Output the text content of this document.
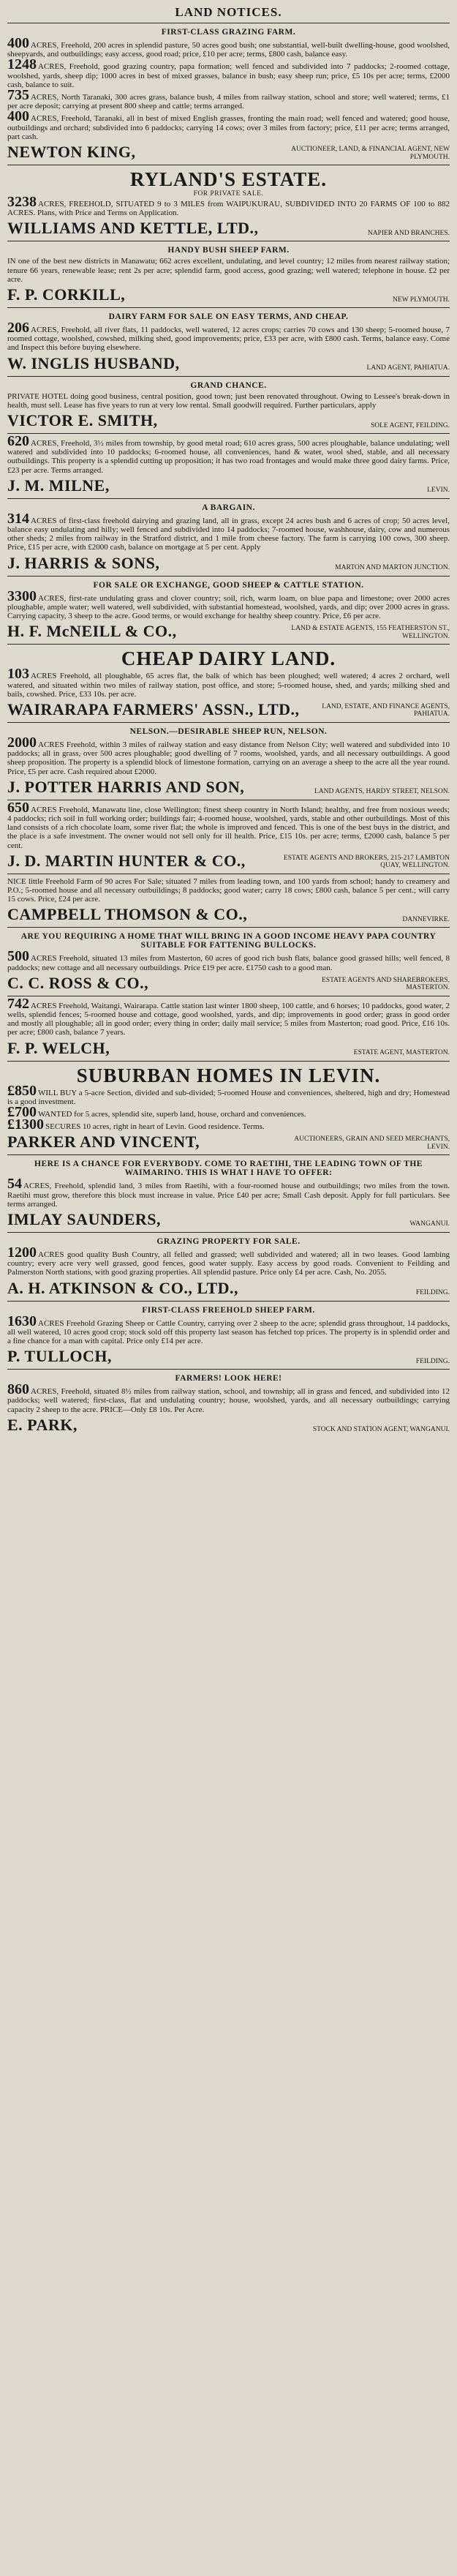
LAND NOTICES.
FIRST-CLASS GRAZING FARM.
400 ACRES, Freehold, 200 acres in splendid pasture, 50 acres good bush; one substantial, well-built dwelling-house, good woolshed, sheepyards, and outbuildings; easy access, good road; price, £10 per acre; terms, £800 cash, balance easy.
1248 ACRES, Freehold, good grazing country, papa formation; well fenced and subdivided into 7 paddocks; 2-roomed cottage, woolshed, yards, sheep dip; 1000 acres in best of mixed grasses, balance in bush; easy sheep run; price, £5 10s per acre; terms, £2000 cash, balance to suit.
735 ACRES, North Taranaki, 300 acres grass, balance bush, 4 miles from railway station, school and store; well watered; terms, £1 per acre deposit; carrying at present 800 sheep and cattle; terms arranged.
400 ACRES, Freehold, Taranaki, all in best of mixed English grasses, fronting the main road; well fenced and watered; good house, outbuildings and orchard; subdivided into 6 paddocks; carrying 14 cows; over 3 miles from factory; price, £11 per acre; terms arranged, part cash.
NEWTON KING,	AUCTIONEER, LAND, & FINANCIAL AGENT, NEW PLYMOUTH.
RYLAND'S ESTATE.
FOR PRIVATE SALE.
3238 ACRES, FREEHOLD, SITUATED 9 to 3 MILES from WAIPUKURAU, SUBDIVIDED INTO 20 FARMS OF 100 to 882 ACRES. Plans, with Price and Terms on Application.
WILLIAMS AND KETTLE, LTD.,	NAPIER AND BRANCHES.
HANDY BUSH SHEEP FARM.
IN one of the best new districts in Manawatu; 662 acres excellent, undulating, and level country; 12 miles from nearest railway station; tenure 66 years, renewable lease; rent 2s per acre; splendid farm, good access, good grazing; well watered; telephone in house. £2 per acre.
F. P. CORKILL,	NEW PLYMOUTH.
DAIRY FARM FOR SALE ON EASY TERMS, AND CHEAP.
206 ACRES, Freehold, all river flats, 11 paddocks, well watered, 12 acres crops; carries 70 cows and 130 sheep; 5-roomed house, 7 roomed cottage, woolshed, cowshed, milking shed, good improvements; price, £33 per acre, with £800 cash. Terms, balance easy. Come and Inspect this before buying elsewhere.
W. INGLIS HUSBAND,	LAND AGENT, PAHIATUA.
GRAND CHANCE.
PRIVATE HOTEL doing good business, central position, good town; just been renovated throughout. Owing to Lessee's break-down in health, must sell. Lease has five years to run at very low rental. Small goodwill required. Further particulars, apply
VICTOR E. SMITH,	SOLE AGENT, FEILDING.
620 ACRES, Freehold, 3½ miles from township, by good metal road; 610 acres grass, 500 acres ploughable, balance undulating; well watered and subdivided into 10 paddocks; 6-roomed house, all conveniences, hand & water, wool shed, stable, and all necessary outbuildings. This property is a splendid cutting up proposition; it has two road frontages and would make three good dairy farms. Price, £23 per acre. Terms arranged.
J. M. MILNE,	LEVIN.
A BARGAIN.
314 ACRES of first-class freehold dairying and grazing land, all in grass, except 24 acres bush and 6 acres of crop; 50 acres level, balance easy undulating and hilly; well fenced and subdivided into 14 paddocks; 7-roomed house, washhouse, dairy, cow and numerous other sheds; 2 miles from railway in the Stratford district, and 1 mile from cheese factory. The farm is carrying 100 cows, 300 sheep. Price, £15 per acre, with £2000 cash, balance on mortgage at 5 per cent. Apply
J. HARRIS & SONS,	MARTON AND MARTON JUNCTION.
FOR SALE OR EXCHANGE, GOOD SHEEP & CATTLE STATION.
3300 ACRES, first-rate undulating grass and clover country; soil, rich, warm loam, on blue papa and limestone; over 2000 acres ploughable, ample water; well watered, well subdivided, with substantial homestead, woolshed, yards, and dip; over 2000 acres in grass. Carrying capacity, 3 sheep to the acre. Good terms, or would exchange for healthy sheep country. Price, £6 per acre.
H. F. McNEILL & CO.,	LAND & ESTATE AGENTS, 155 FEATHERSTON ST., WELLINGTON.
CHEAP DAIRY LAND.
103 ACRES Freehold, all ploughable, 65 acres flat, the balk of which has been ploughed; well watered; 4 acres 2 orchard, well watered, and situated within two miles of railway station, post office, and store; 5-roomed house, shed, and yards; milking shed and bails, cowshed. Price, £33 10s. per acre.
WAIRARAPA FARMERS' ASSN., LTD.,	LAND, ESTATE, AND FINANCE AGENTS, PAHIATUA.
NELSON.—DESIRABLE SHEEP RUN, NELSON.
2000 ACRES Freehold, within 3 miles of railway station and easy distance from Nelson City; well watered and subdivided into 10 paddocks; all in grass, over 500 acres ploughable; good dwelling of 7 rooms, woolshed, yards, and all necessary outbuildings. A good sheep proposition. The property is a splendid block of limestone formation, carrying on an average a sheep to the acre all the year round. Price, £5 per acre. Cash required about £2000.
J. POTTER HARRIS AND SON,	LAND AGENTS, HARDY STREET, NELSON.
650 ACRES Freehold, Manawatu line, close Wellington; finest sheep country in North Island; healthy, and free from noxious weeds; 4 paddocks; rich soil in full working order; buildings fair; 4-roomed house, woolshed, yards, stable and other outbuildings. Most of this land consists of a rich chocolate loam, some river flat; the whole is improved and fenced. This is one of the best buys in the district, and the place is a safe investment. The owner would not sell only for ill health. Price, £15 10s. per acre; terms, £2000 cash, balance 5 per cent.
J. D. MARTIN HUNTER & CO.,	ESTATE AGENTS AND BROKERS, 215-217 LAMBTON QUAY, WELLINGTON.
NICE little Freehold Farm of 90 acres For Sale; situated 7 miles from leading town, and 100 yards from school; handy to creamery and P.O.; 5-roomed house and all necessary outbuildings; 8 paddocks; good water; carry 18 cows; £800 cash, balance 5 per cent.; will carry 15 cows. Price, £24 per acre.
CAMPBELL THOMSON & CO.,	DANNEVIRKE.
ARE YOU REQUIRING A HOME THAT WILL BRING IN A GOOD INCOME HEAVY PAPA COUNTRY SUITABLE FOR FATTENING BULLOCKS.
500 ACRES Freehold, situated 13 miles from Masterton, 60 acres of good rich bush flats, balance good grassed hills; well fenced, 8 paddocks; new cottage and all necessary outbuildings. Price £19 per acre. £1750 cash to a good man.
C. C. ROSS & CO.,	ESTATE AGENTS AND SHAREBROKERS, MASTERTON.
742 ACRES Freehold, Waitangi, Wairarapa. Cattle station last winter 1800 sheep, 100 cattle, and 6 horses; 10 paddocks, good water, 2 wells, splendid fences; 5-roomed house and cottage, good woolshed, yards, and dip; improvements in good order; grass in good order and mostly all ploughable; all in good order; every thing in order; daily mail service; 5 miles from Masterton; road good. Price, £16 10s. per acre; £800 cash, balance 7 years.
F. P. WELCH,	ESTATE AGENT, MASTERTON.
SUBURBAN HOMES IN LEVIN.
£850 WILL BUY a 5-acre Section, divided and sub-divided; 5-roomed House and conveniences, sheltered, high and dry; Homestead is a good investment.
£700 WANTED for 5 acres, splendid site, superb land, house, orchard and conveniences.
£1300 SECURES 10 acres, right in heart of Levin. Good residence. Terms.
PARKER AND VINCENT,	AUCTIONEERS, GRAIN AND SEED MERCHANTS, LEVIN.
HERE IS A CHANCE FOR EVERYBODY. COME TO RAETIHI, THE LEADING TOWN OF THE WAIMARINO. THIS IS WHAT I HAVE TO OFFER:
54 ACRES, Freehold, splendid land, 3 miles from Raetihi, with a four-roomed house and outbuildings; two miles from the town. Raetihi must grow, therefore this block must increase in value. Price £40 per acre; Small Cash deposit. Apply for full particulars. See terms arranged.
IMLAY SAUNDERS,	WANGANUI.
GRAZING PROPERTY FOR SALE.
1200 ACRES good quality Bush Country, all felled and grassed; well subdivided and watered; all in two leases. Good lambing country; every acre very well grassed, good fences, good water supply. Easy access by good roads. Convenient to Feilding and Palmerston North stations, with good grazing properties. All splendid pasture. Price only £4 per acre. Cash, No. 2055.
A. H. ATKINSON & CO., LTD.,	FEILDING.
FIRST-CLASS FREEHOLD SHEEP FARM.
1630 ACRES Freehold Grazing Sheep or Cattle Country, carrying over 2 sheep to the acre; splendid grass throughout, 14 paddocks, all well watered, 10 acres good crop; stock sold off this property last season has fetched top prices. The property is in splendid order and a fine chance for a man with capital. Price only £14 per acre.
P. TULLOCH,	FEILDING.
FARMERS! LOOK HERE!
860 ACRES, Freehold, situated 8½ miles from railway station, school, and township; all in grass and fenced, and subdivided into 12 paddocks; well watered; first-class, flat and undulating country; house, woolshed, yards, and all necessary outbuildings; carrying capacity 2 sheep to the acre. PRICE—Only £8 10s. Per Acre.
E. PARK,	STOCK AND STATION AGENT, WANGANUI.
